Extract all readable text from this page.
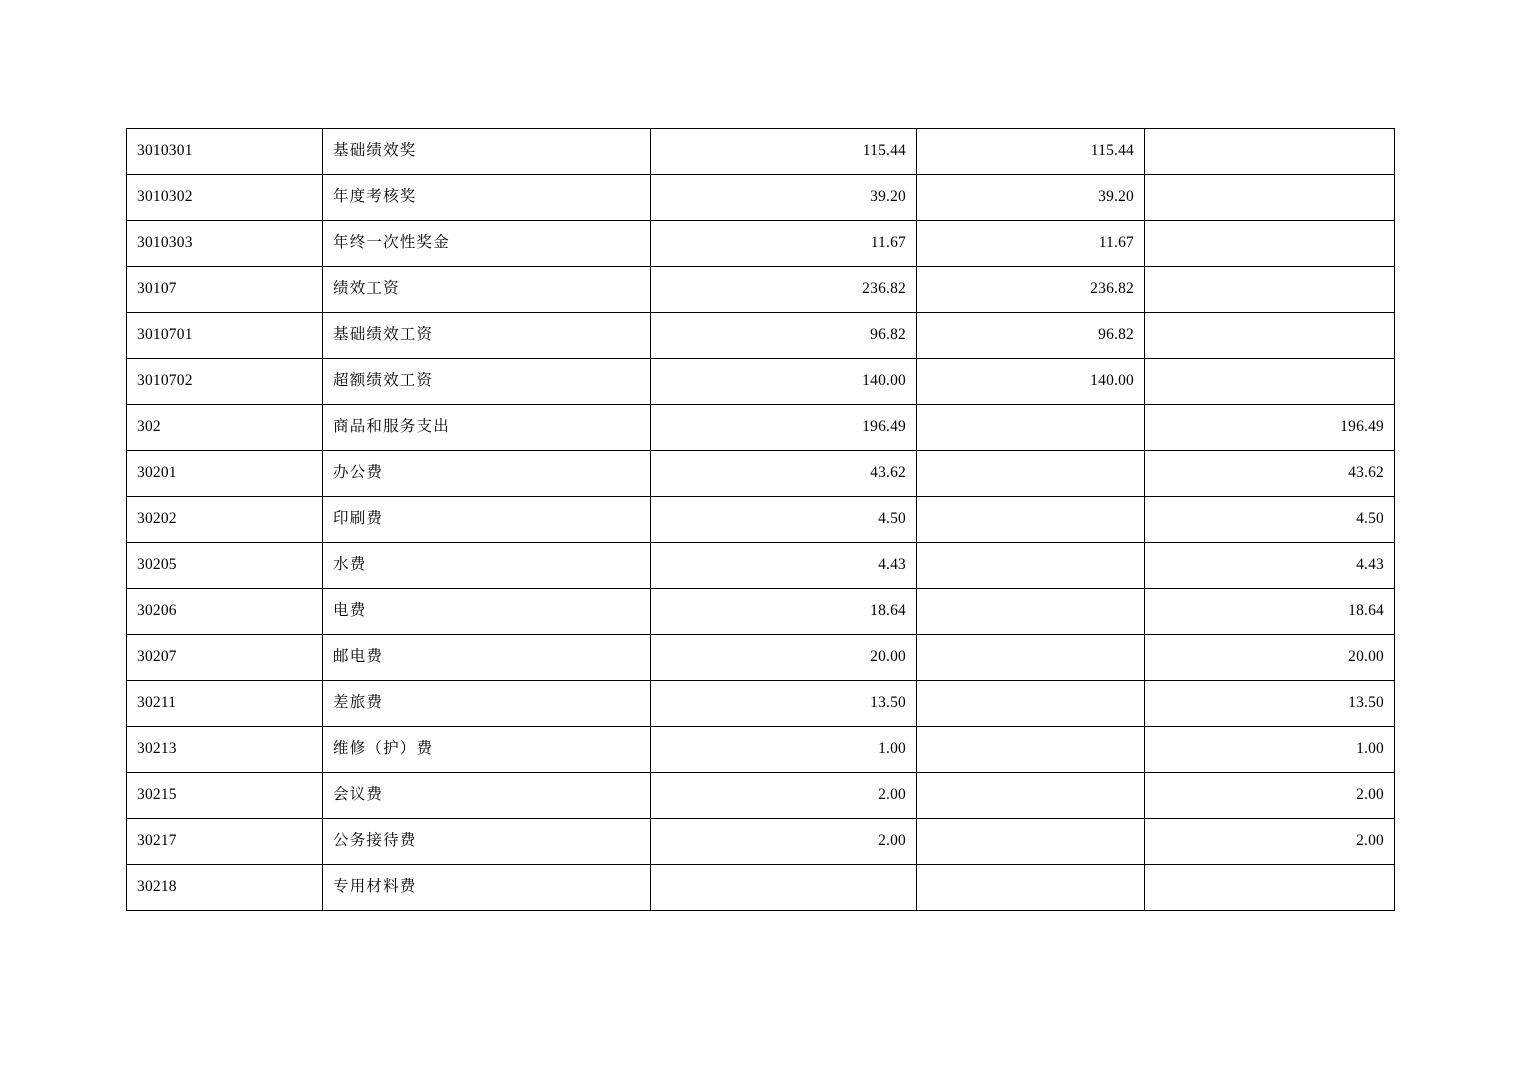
3010301	基础绩效奖	115.44	115.44	
3010302	年度考核奖	39.20	39.20	
3010303	年终一次性奖金	11.67	11.67	
30107	绩效工资	236.82	236.82	
3010701	基础绩效工资	96.82	96.82	
3010702	超额绩效工资	140.00	140.00	
302	商品和服务支出	196.49		196.49
30201	办公费	43.62		43.62
30202	印刷费	4.50		4.50
30205	水费	4.43		4.43
30206	电费	18.64		18.64
30207	邮电费	20.00		20.00
30211	差旅费	13.50		13.50
30213	维修（护）费	1.00		1.00
30215	会议费	2.00		2.00
30217	公务接待费	2.00		2.00
30218	专用材料费			
